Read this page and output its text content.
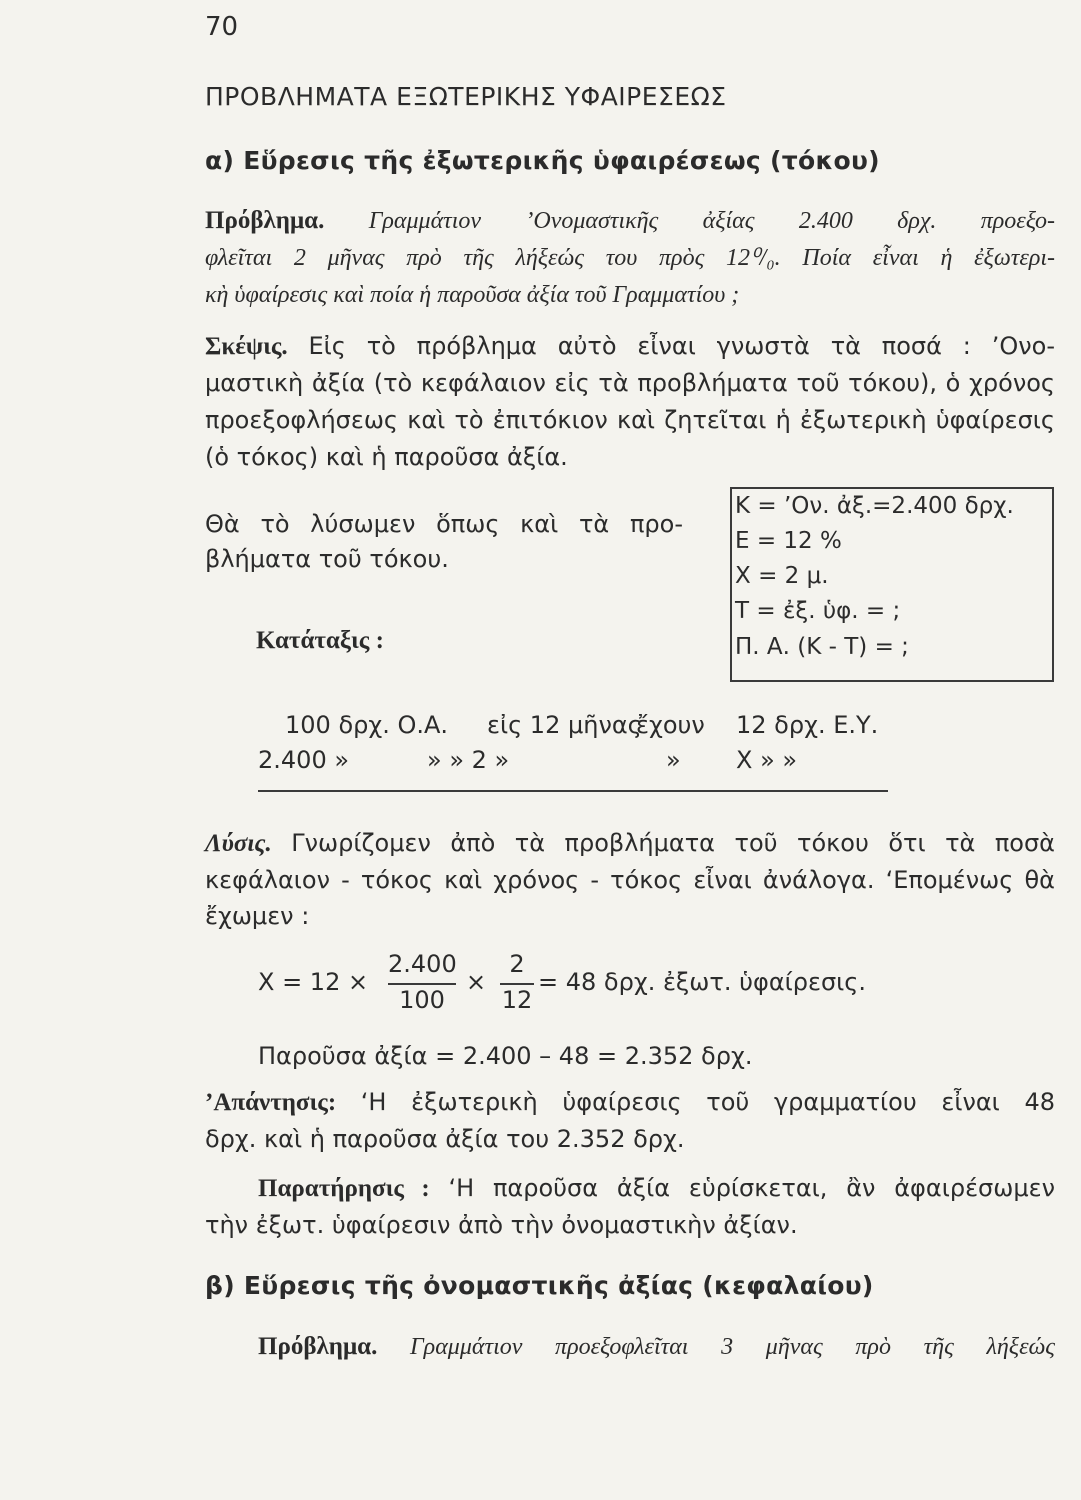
70
ΠΡΟΒΛΗΜΑΤΑ ΕΞΩΤΕΡΙΚΗΣ ΥΦΑΙΡΕΣΕΩΣ
α) Εὕρεσις τῆς ἐξωτερικῆς ὑφαιρέσεως (τόκου)
Πρόβλημα. Γραμμάτιον ’Ονομαστικῆς ἀξίας 2.400 δρχ. προεξο-
φλεῖται 2 μῆνας πρὸ τῆς λήξεώς του πρὸς 12⁰/₀. Ποία εἶναι ἡ ἐξωτερι-
κὴ ὑφαίρεσις καὶ ποία ἡ παροῦσα ἀξία τοῦ Γραμματίου ;
Σκέψις. Εἰς τὸ πρόβλημα αὐτὸ εἶναι γνωστὰ τὰ ποσά : ’Ονο-
μαστικὴ ἀξία (τὸ κεφάλαιον εἰς τὰ προβλήματα τοῦ τόκου), ὁ χρόνος
προεξοφλήσεως καὶ τὸ ἐπιτόκιον καὶ ζητεῖται ἡ ἐξωτερικὴ ὑφαίρεσις
(ὁ τόκος) καὶ ἡ παροῦσα ἀξία.
Θὰ τὸ λύσωμεν ὅπως καὶ τὰ προ-
βλήματα τοῦ τόκου.
Κατάταξις :
Κ = ’Ον. ἀξ.=2.400 δρχ.
Ε = 12 %
Χ = 2 μ.
Τ = ἐξ. ὑφ. = ;
Π. Α. (Κ - Τ) = ;
100 δρχ. Ο.Α. εἰς 12 μῆνας
ἔχουν 12 δρχ. Ε.Υ.
2.400 »	» » 2 »	» Χ » »
Λύσις. Γνωρίζομεν ἀπὸ τὰ προβλήματα τοῦ τόκου ὅτι τὰ ποσὰ
κεφάλαιον - τόκος καὶ χρόνος - τόκος εἶναι ἀνάλογα. ‘Επομένως θὰ
ἔχωμεν :
Χ = 12 ×
2.400
100
×
2
12
= 48 δρχ. ἐξωτ. ὑφαίρεσις.
Παροῦσα ἀξία = 2.400 – 48 = 2.352 δρχ.
’Απάντησις: ‘Η ἐξωτερικὴ ὑφαίρεσις τοῦ γραμματίου εἶναι 48
δρχ. καὶ ἡ παροῦσα ἀξία του 2.352 δρχ.
Παρατήρησις : ‘Η παροῦσα ἀξία εὑρίσκεται, ἂν ἀφαιρέσωμεν
τὴν ἐξωτ. ὑφαίρεσιν ἀπὸ τὴν ὀνομαστικὴν ἀξίαν.
β) Εὕρεσις τῆς ὀνομαστικῆς ἀξίας (κεφαλαίου)
Πρόβλημα. Γραμμάτιον προεξοφλεῖται 3 μῆνας πρὸ τῆς λήξεώς
